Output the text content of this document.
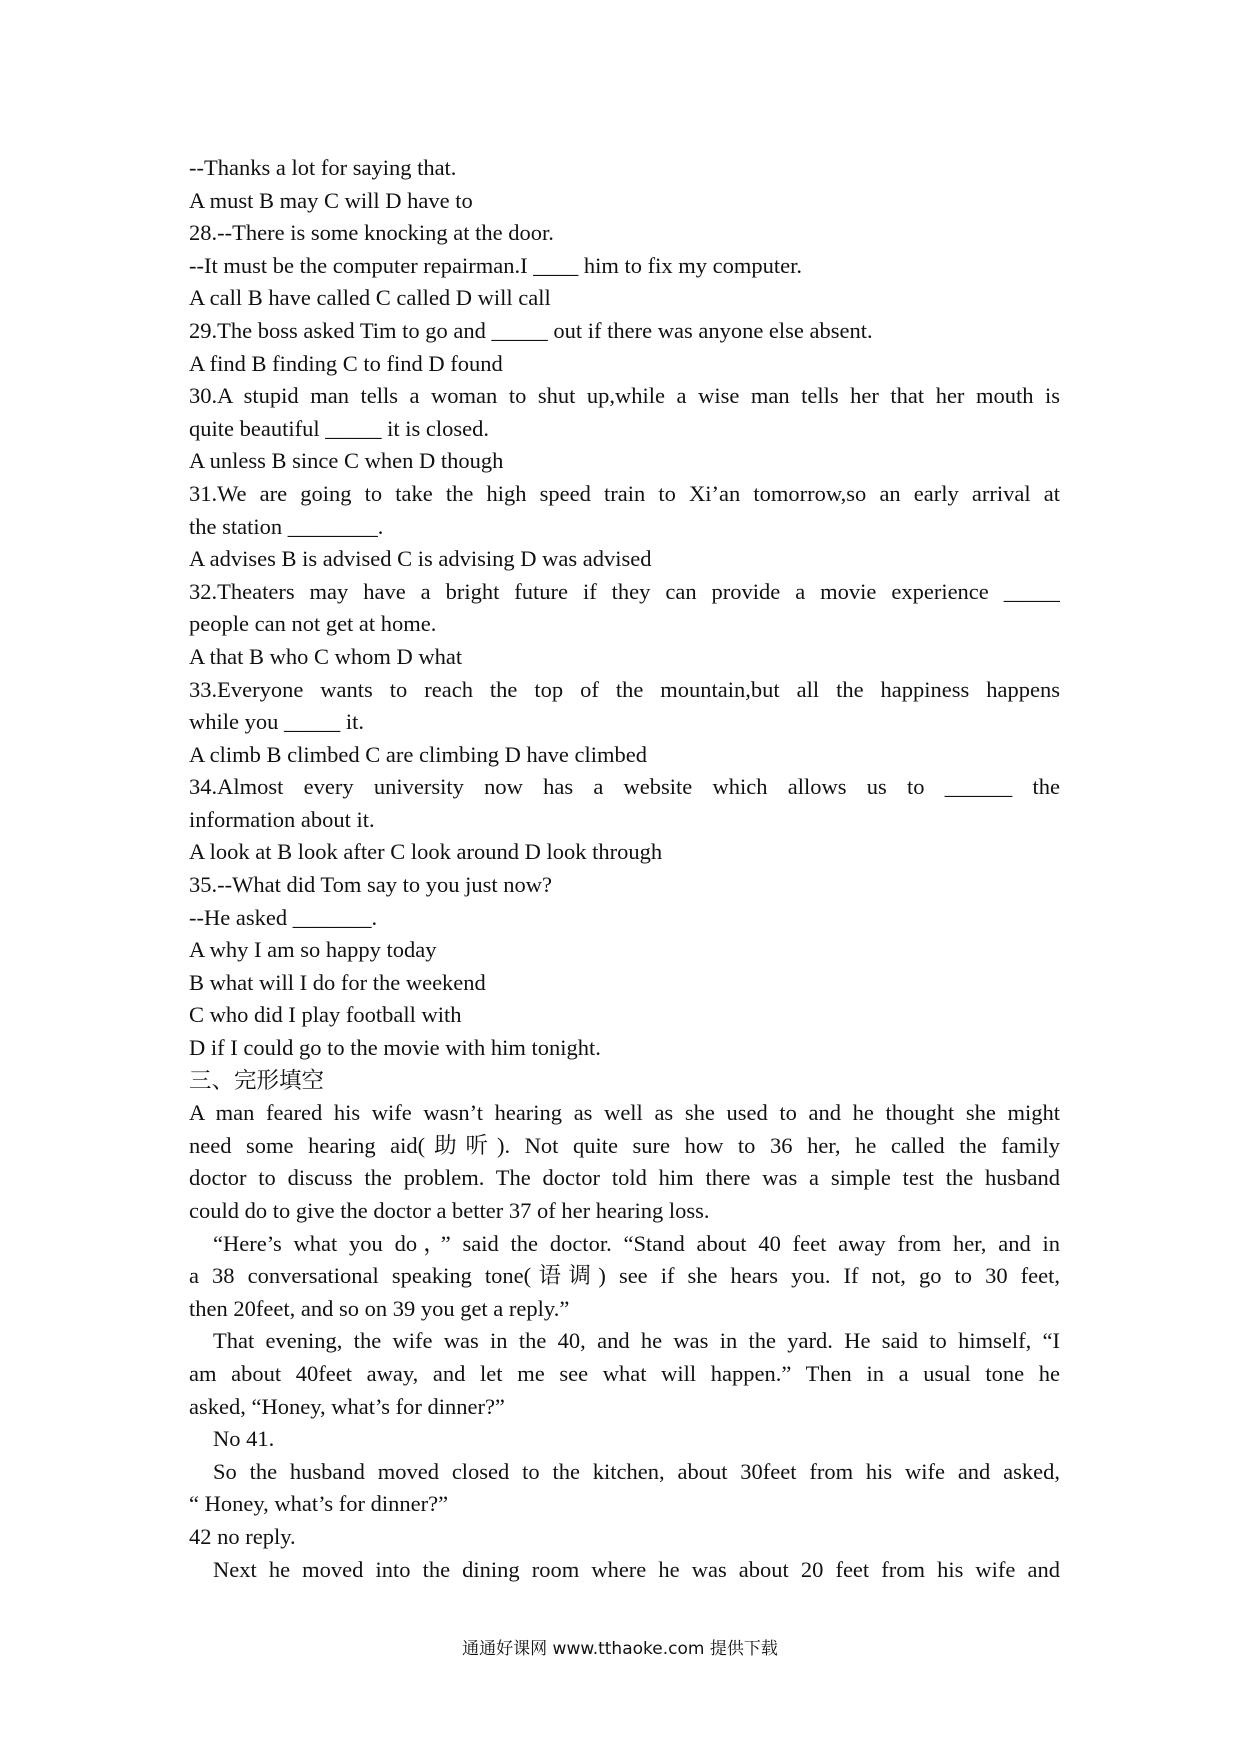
--Thanks a lot for saying that.
A must B may C will D have to
28.--There is some knocking at the door.
--It must be the computer repairman.I ____ him to fix my computer.
A call B have called C called D will call
29.The boss asked Tim to go and _____ out if there was anyone else absent.
A find B finding C to find D found
30.A stupid man tells a woman to shut up,while a wise man tells her that her mouth is
quite beautiful _____ it is closed.
A unless B since C when D though
31.We are going to take the high speed train to Xi’an tomorrow,so an early arrival at
the station ________.
A advises B is advised C is advising D was advised
32.Theaters may have a bright future if they can provide a movie experience _____
people can not get at home.
A that B who C whom D what
33.Everyone wants to reach the top of the mountain,but all the happiness happens
while you _____ it.
A climb B climbed C are climbing D have climbed
34.Almost every university now has a website which allows us to ______ the
information about it.
A look at B look after C look around D look through
35.--What did Tom say to you just now?
--He asked _______.
A why I am so happy today
B what will I do for the weekend
C who did I play football with
D if I could go to the movie with him tonight.
三、完形填空
A man feared his wife wasn’t hearing as well as she used to and he thought she might
need some hearing aid(助听). Not quite sure how to 36 her, he called the family
doctor to discuss the problem. The doctor told him there was a simple test the husband
could do to give the doctor a better 37 of her hearing loss.
“Here’s what you do，” said the doctor. “Stand about 40 feet away from her, and in
a 38 conversational speaking tone(语调) see if she hears you. If not, go to 30 feet,
then 20feet, and so on 39 you get a reply.”
That evening, the wife was in the 40, and he was in the yard. He said to himself, “I
am about 40feet away, and let me see what will happen.” Then in a usual tone he
asked, “Honey, what’s for dinner?”
No 41.
So the husband moved closed to the kitchen, about 30feet from his wife and asked,
“ Honey, what’s for dinner?”
42 no reply.
Next he moved into the dining room where he was about 20 feet from his wife and
通通好课网 www.tthaoke.com 提供下载
